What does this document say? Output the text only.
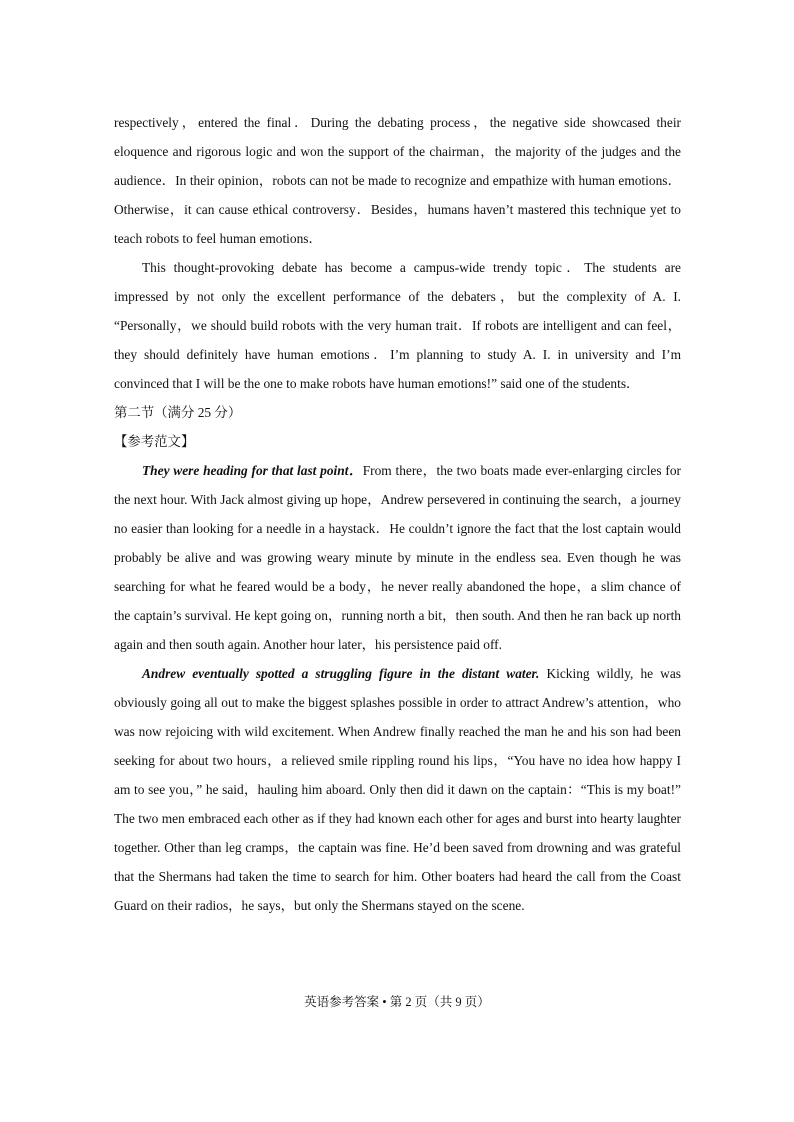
respectively，entered the final．During the debating process，the negative side showcased their eloquence and rigorous logic and won the support of the chairman，the majority of the judges and the audience．In their opinion，robots can not be made to recognize and empathize with human emotions．Otherwise，it can cause ethical controversy．Besides，humans haven’t mastered this technique yet to teach robots to feel human emotions．

This thought-provoking debate has become a campus-wide trendy topic．The students are impressed by not only the excellent performance of the debaters，but the complexity of A. I. “Personally，we should build robots with the very human trait．If robots are intelligent and can feel，they should definitely have human emotions．I’m planning to study A. I. in university and I’m convinced that I will be the one to make robots have human emotions!” said one of the students．

第二节（满分 25 分）

【参考范文】

They were heading for that last point．From there，the two boats made ever-enlarging circles for the next hour. With Jack almost giving up hope，Andrew persevered in continuing the search，a journey no easier than looking for a needle in a haystack．He couldn’t ignore the fact that the lost captain would probably be alive and was growing weary minute by minute in the endless sea. Even though he was searching for what he feared would be a body，he never really abandoned the hope，a slim chance of the captain’s survival. He kept going on，running north a bit，then south. And then he ran back up north again and then south again. Another hour later，his persistence paid off.

Andrew eventually spotted a struggling figure in the distant water. Kicking wildly, he was obviously going all out to make the biggest splashes possible in order to attract Andrew’s attention，who was now rejoicing with wild excitement. When Andrew finally reached the man he and his son had been seeking for about two hours，a relieved smile rippling round his lips，“You have no idea how happy I am to see you，” he said，hauling him aboard. Only then did it dawn on the captain：“This is my boat!” The two men embraced each other as if they had known each other for ages and burst into hearty laughter together. Other than leg cramps，the captain was fine. He’d been saved from drowning and was grateful that the Shermans had taken the time to search for him. Other boaters had heard the call from the Coast Guard on their radios，he says，but only the Shermans stayed on the scene.

英语参考答案 • 第 2 页（共 9 页）
